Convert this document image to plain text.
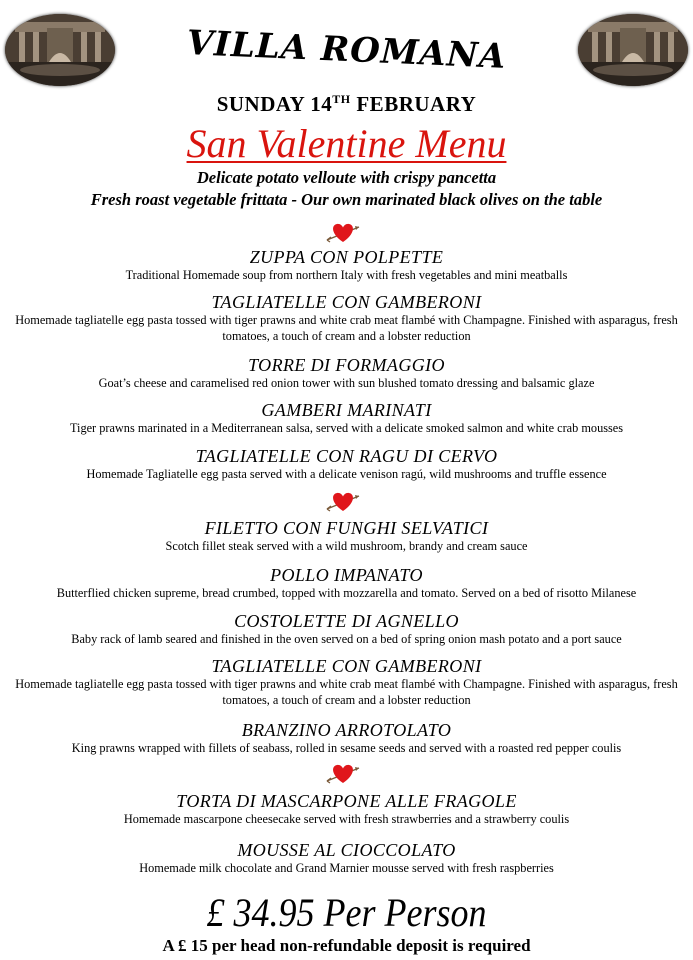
VILLA ROMANA
SUNDAY 14TH FEBRUARY
San Valentine Menu
Delicate potato velloute with crispy pancetta
Fresh roast vegetable frittata - Our own marinated black olives on the table
ZUPPA CON POLPETTE
Traditional Homemade soup from northern Italy with fresh vegetables and mini meatballs
TAGLIATELLE CON GAMBERONI
Homemade tagliatelle egg pasta tossed with tiger prawns and white crab meat flambé with Champagne. Finished with asparagus, fresh tomatoes, a touch of cream and a lobster reduction
TORRE DI FORMAGGIO
Goat’s cheese and caramelised red onion tower with sun blushed tomato dressing and balsamic glaze
GAMBERI MARINATI
Tiger prawns marinated in a Mediterranean salsa, served with a delicate smoked salmon and white crab mousses
TAGLIATELLE CON RAGU DI CERVO
Homemade Tagliatelle egg pasta served with a delicate venison ragú, wild mushrooms and truffle essence
FILETTO CON FUNGHI SELVATICI
Scotch fillet steak served with a wild mushroom, brandy and cream sauce
POLLO IMPANATO
Butterflied chicken supreme, bread crumbed, topped with mozzarella and tomato. Served on a bed of risotto Milanese
COSTOLETTE DI AGNELLO
Baby rack of lamb seared and finished in the oven served on a bed of spring onion mash potato and a port sauce
TAGLIATELLE CON GAMBERONI
Homemade tagliatelle egg pasta tossed with tiger prawns and white crab meat flambé with Champagne. Finished with asparagus, fresh tomatoes, a touch of cream and a lobster reduction
BRANZINO ARROTOLATO
King prawns wrapped with fillets of seabass, rolled in sesame seeds and served with a roasted red pepper coulis
TORTA DI MASCARPONE ALLE FRAGOLE
Homemade mascarpone cheesecake served with fresh strawberries and a strawberry coulis
MOUSSE AL CIOCCOLATO
Homemade milk chocolate and Grand Marnier mousse served with fresh raspberries
£ 34.95 Per Person
A £ 15 per head non-refundable deposit is required
